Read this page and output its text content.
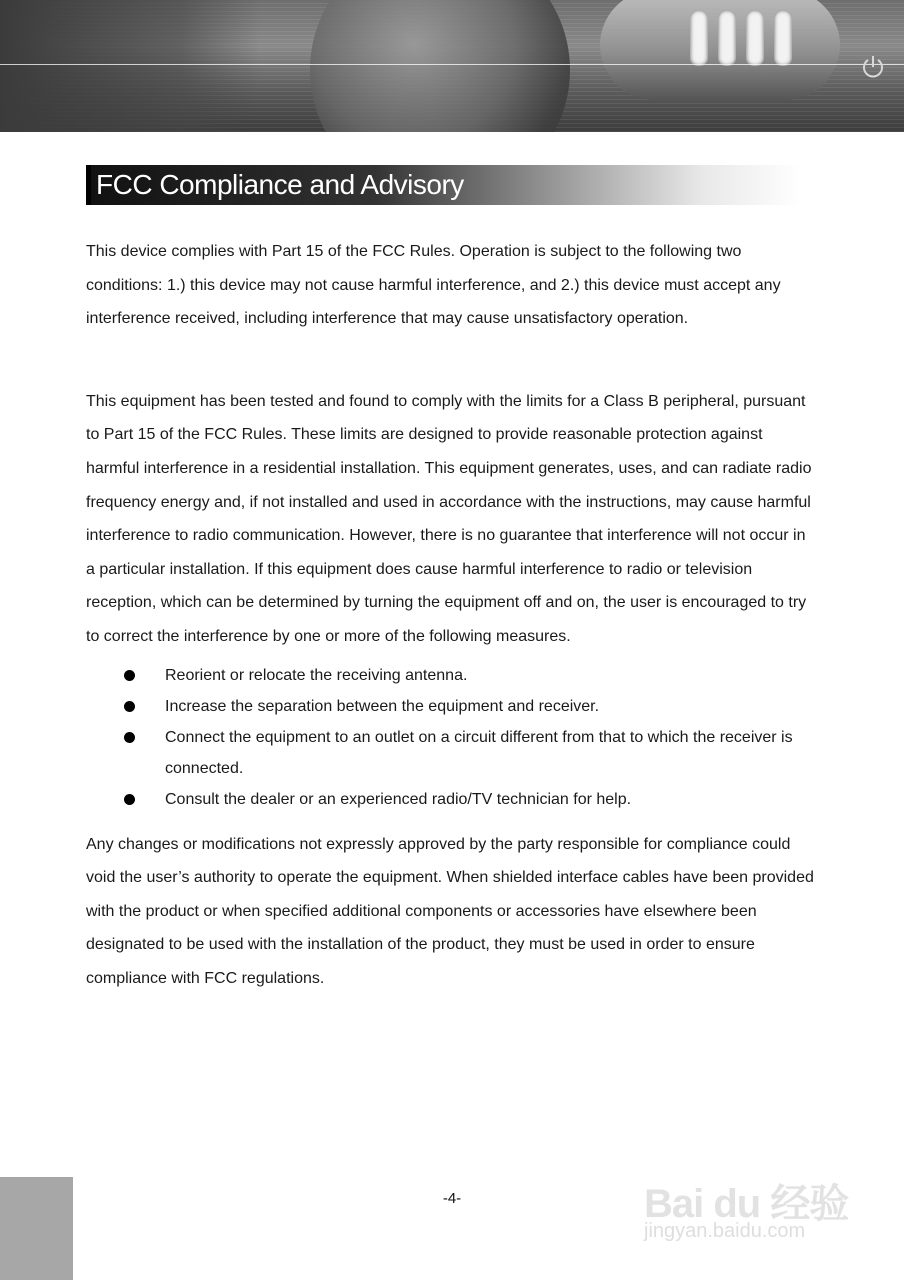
FCC Compliance and Advisory

This device complies with Part 15 of the FCC Rules. Operation is subject to the following two conditions: 1.) this device may not cause harmful interference, and 2.) this device must accept any interference received, including interference that may cause unsatisfactory operation.

This equipment has been tested and found to comply with the limits for a Class B peripheral, pursuant to Part 15 of the FCC Rules. These limits are designed to provide reasonable protection against harmful interference in a residential installation. This equipment generates, uses, and can radiate radio frequency energy and, if not installed and used in accordance with the instructions, may cause harmful interference to radio communication. However, there is no guarantee that interference will not occur in a particular installation. If this equipment does cause harmful interference to radio or television reception, which can be determined by turning the equipment off and on, the user is encouraged to try to correct the interference by one or more of the following measures.

Reorient or relocate the receiving antenna.
Increase the separation between the equipment and receiver.
Connect the equipment to an outlet on a circuit different from that to which the receiver is connected.
Consult the dealer or an experienced radio/TV technician for help.

Any changes or modifications not expressly approved by the party responsible for compliance could void the user’s authority to operate the equipment. When shielded interface cables have been provided with the product or when specified additional components or accessories have elsewhere been designated to be used with the installation of the product, they must be used in order to ensure compliance with FCC regulations.

-4-	Bai du 经验
jingyan.baidu.com
